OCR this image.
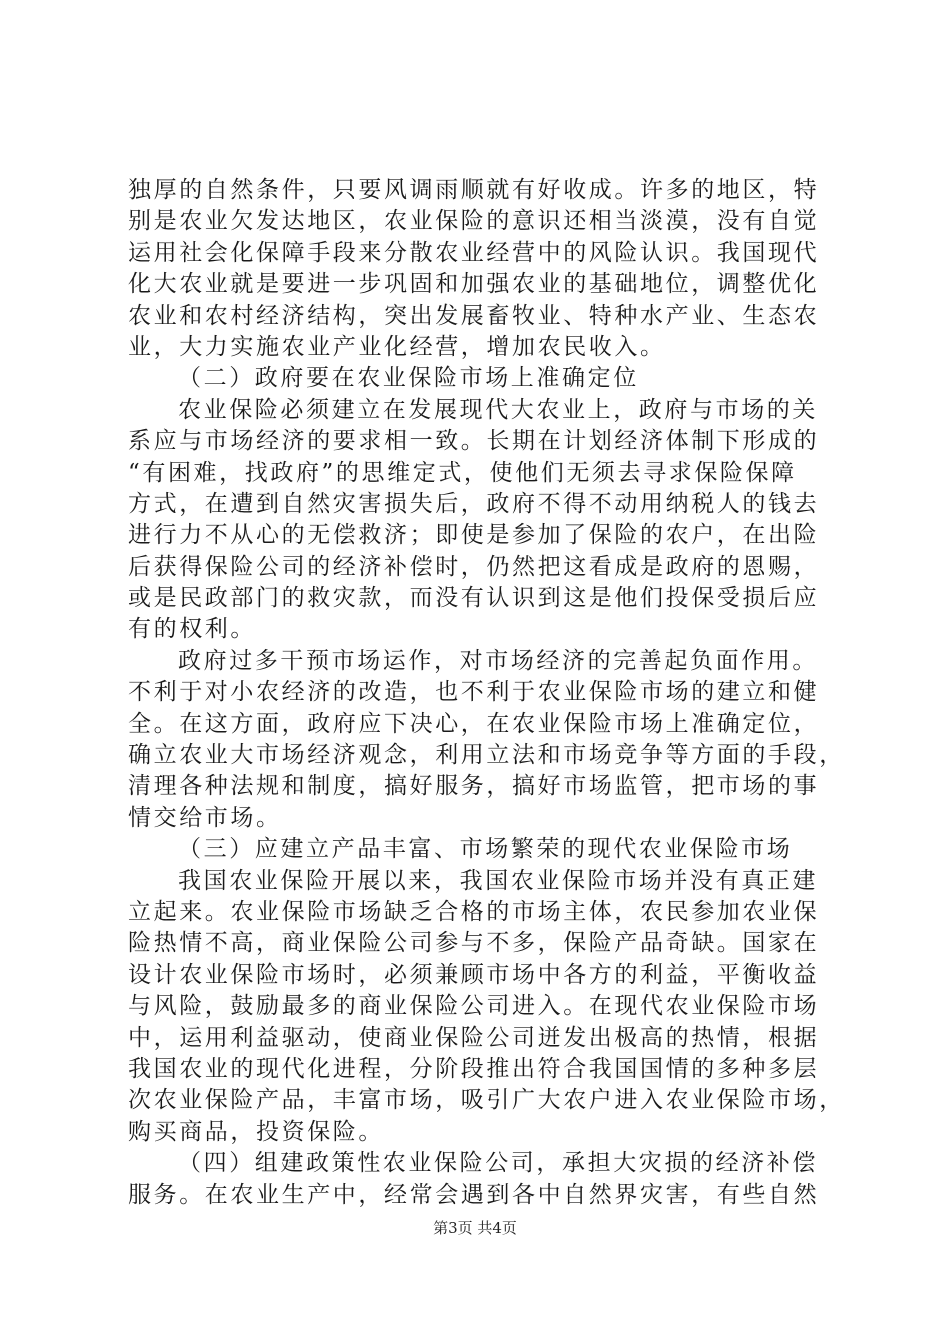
独厚的自然条件，只要风调雨顺就有好收成。许多的地区，特
别是农业欠发达地区，农业保险的意识还相当淡漠，没有自觉
运用社会化保障手段来分散农业经营中的风险认识。我国现代
化大农业就是要进一步巩固和加强农业的基础地位，调整优化
农业和农村经济结构，突出发展畜牧业、特种水产业、生态农
业，大力实施农业产业化经营，增加农民收入。
（二）政府要在农业保险市场上准确定位
农业保险必须建立在发展现代大农业上，政府与市场的关
系应与市场经济的要求相一致。长期在计划经济体制下形成的
“有困难，找政府”的思维定式，使他们无须去寻求保险保障
方式，在遭到自然灾害损失后，政府不得不动用纳税人的钱去
进行力不从心的无偿救济；即使是参加了保险的农户，在出险
后获得保险公司的经济补偿时，仍然把这看成是政府的恩赐，
或是民政部门的救灾款，而没有认识到这是他们投保受损后应
有的权利。
政府过多干预市场运作，对市场经济的完善起负面作用。
不利于对小农经济的改造，也不利于农业保险市场的建立和健
全。在这方面，政府应下决心，在农业保险市场上准确定位，
确立农业大市场经济观念，利用立法和市场竞争等方面的手段，
清理各种法规和制度，搞好服务，搞好市场监管，把市场的事
情交给市场。
（三）应建立产品丰富、市场繁荣的现代农业保险市场
我国农业保险开展以来，我国农业保险市场并没有真正建
立起来。农业保险市场缺乏合格的市场主体，农民参加农业保
险热情不高，商业保险公司参与不多，保险产品奇缺。国家在
设计农业保险市场时，必须兼顾市场中各方的利益，平衡收益
与风险，鼓励最多的商业保险公司进入。在现代农业保险市场
中，运用利益驱动，使商业保险公司迸发出极高的热情，根据
我国农业的现代化进程，分阶段推出符合我国国情的多种多层
次农业保险产品，丰富市场，吸引广大农户进入农业保险市场，
购买商品，投资保险。
（四）组建政策性农业保险公司，承担大灾损的经济补偿
服务。在农业生产中，经常会遇到各中自然界灾害，有些自然
第3页 共4页
